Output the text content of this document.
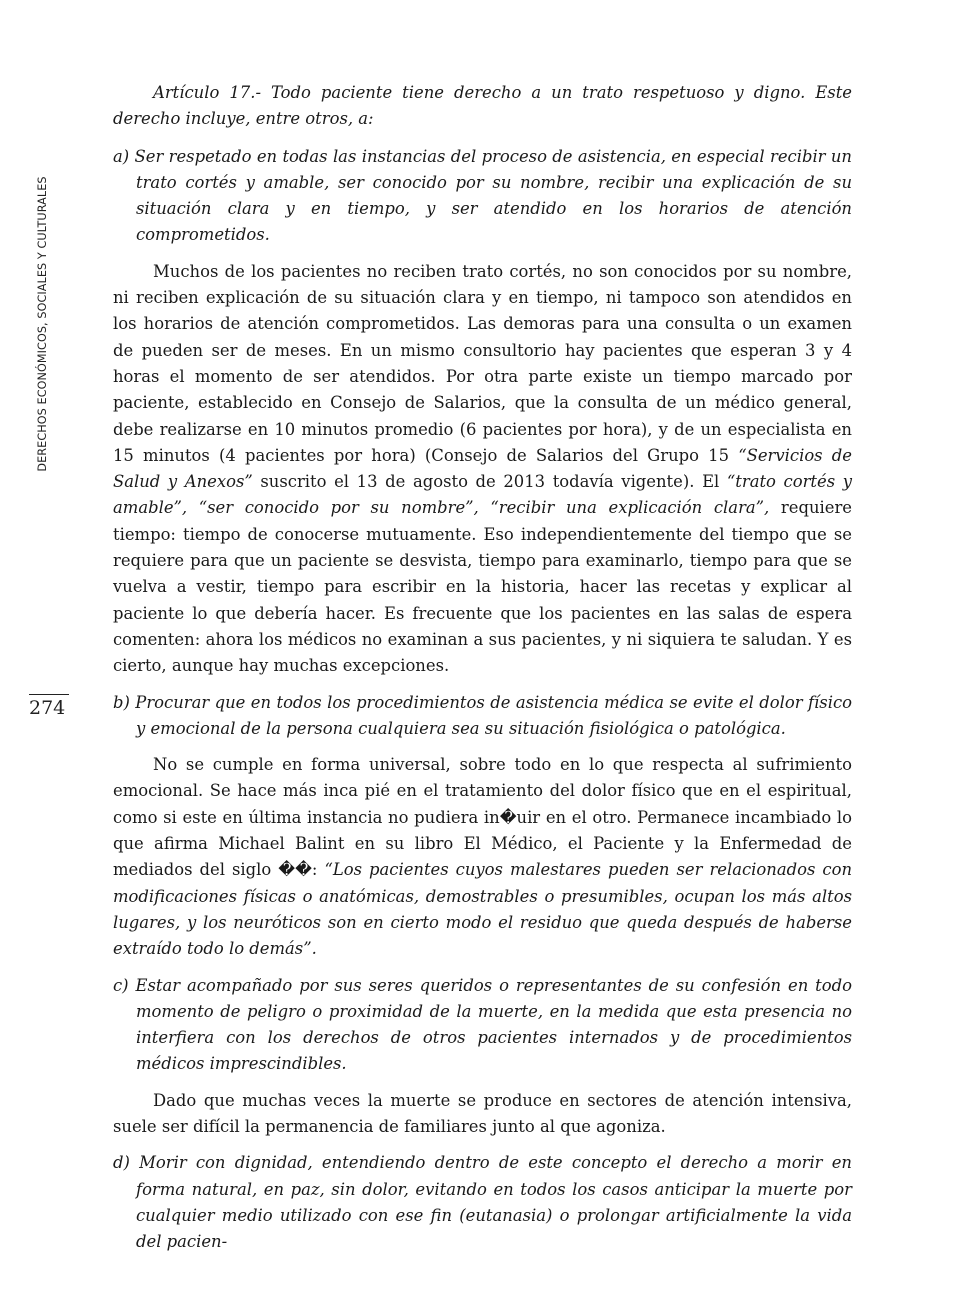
DERECHOS ECONÓMICOS, SOCIALES Y CULTURALES
274

Artículo 17.- Todo paciente tiene derecho a un trato respetuoso y digno. Este derecho incluye, entre otros, a:

a) Ser respetado en todas las instancias del proceso de asistencia, en especial recibir un trato cortés y amable, ser conocido por su nombre, recibir una explicación de su situación clara y en tiempo, y ser atendido en los horarios de atención comprometidos.

Muchos de los pacientes no reciben trato cortés, no son conocidos por su nombre, ni reciben explicación de su situación clara y en tiempo, ni tampoco son atendidos en los horarios de atención comprometidos. Las demoras para una consulta o un examen de pueden ser de meses. En un mismo consultorio hay pacientes que esperan 3 y 4 horas el momento de ser atendidos. Por otra parte existe un tiempo marcado por paciente, establecido en Consejo de Salarios, que la consulta de un médico general, debe realizarse en 10 minutos promedio (6 pacientes por hora), y de un especialista en 15 minutos (4 pacientes por hora) (Consejo de Salarios del Grupo 15 “Servicios de Salud y Anexos” suscrito el 13 de agosto de 2013 todavía vigente). El “trato cortés y amable”, “ser conocido por su nombre”, “recibir una explicación clara”, requiere tiempo: tiempo de conocerse mutuamente. Eso independientemente del tiempo que se requiere para que un paciente se desvista, tiempo para examinarlo, tiempo para que se vuelva a vestir, tiempo para escribir en la historia, hacer las recetas y explicar al paciente lo que debería hacer. Es frecuente que los pacientes en las salas de espera comenten: ahora los médicos no examinan a sus pacientes, y ni siquiera te saludan. Y es cierto, aunque hay muchas excepciones.

b) Procurar que en todos los procedimientos de asistencia médica se evite el dolor físico y emocional de la persona cualquiera sea su situación fisiológica o patológica.

No se cumple en forma universal, sobre todo en lo que respecta al sufrimiento emocional. Se hace más inca pié en el tratamiento del dolor físico que en el espiritual, como si este en última instancia no pudiera in�uir en el otro. Permanece incambiado lo que afirma Michael Balint en su libro El Médico, el Paciente y la Enfermedad de mediados del siglo ��: “Los pacientes cuyos malestares pueden ser relacionados con modificaciones físicas o anatómicas, demostrables o presumibles, ocupan los más altos lugares, y los neuróticos son en cierto modo el residuo que queda después de haberse extraído todo lo demás”.

c) Estar acompañado por sus seres queridos o representantes de su confesión en todo momento de peligro o proximidad de la muerte, en la medida que esta presencia no interfiera con los derechos de otros pacientes internados y de procedimientos médicos imprescindibles.

Dado que muchas veces la muerte se produce en sectores de atención intensiva, suele ser difícil la permanencia de familiares junto al que agoniza.

d) Morir con dignidad, entendiendo dentro de este concepto el derecho a morir en forma natural, en paz, sin dolor, evitando en todos los casos anticipar la muerte por cualquier medio utilizado con ese fin (eutanasia) o prolongar artificialmente la vida del pacien-
